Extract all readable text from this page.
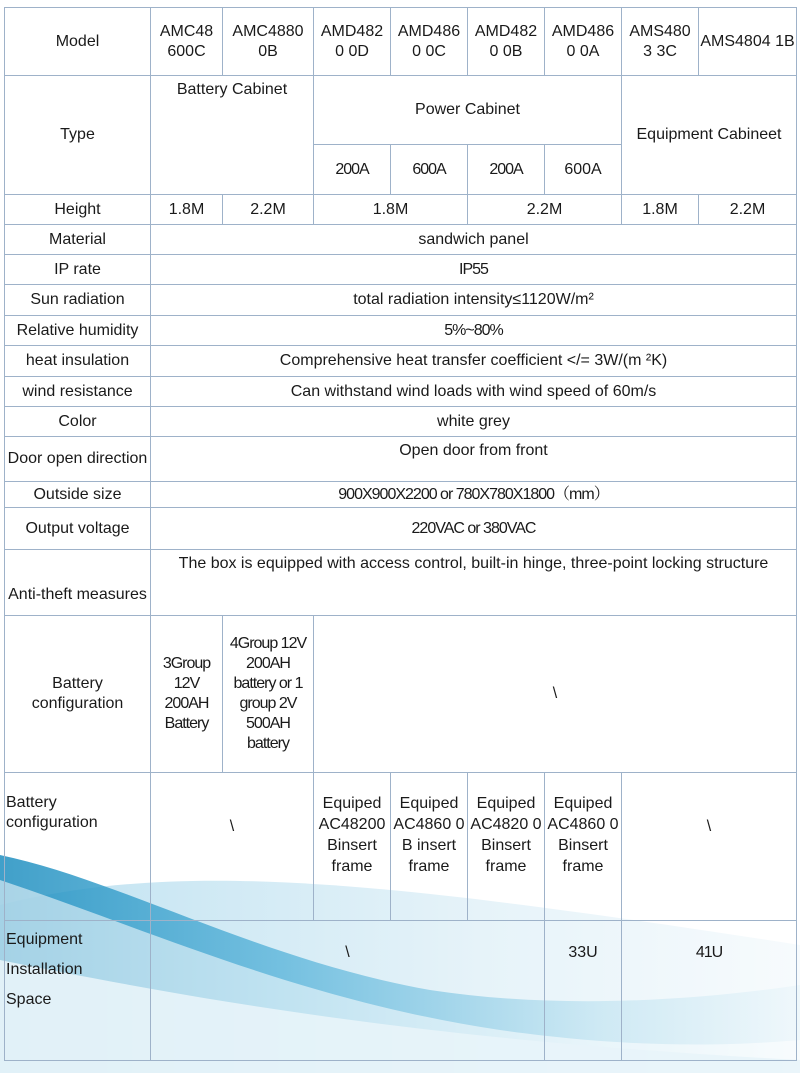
Model	AMC48 600C	AMC4880 0B	AMD482 0 0D	AMD486 0 0C	AMD482 0 0B	AMD486 0 0A	AMS480 3 3C	AMS4804 1B
Type	Battery Cabinet		Power Cabinet				Equipment Cabineet	
			200A	600A	200A	600A		
Height	1.8M	2.2M	1.8M		2.2M		1.8M	2.2M
Material	sandwich panel							
IP rate	IP55							
Sun radiation	total radiation intensity≤1120W/m²							
Relative humidity	5%~80%							
heat insulation	Comprehensive heat transfer coefficient </= 3W/(m ²K)							
wind resistance	Can withstand wind loads with wind speed of 60m/s							
Color	white grey							
Door open direction	Open door from front							
Outside size	900X900X2200 or 780X780X1800（mm）							
Output voltage	220VAC or 380VAC							
Anti-theft measures	The box is equipped with access control, built-in hinge, three-point locking structure							
Battery configuration	3Group 12V 200AH Battery	4Group 12V 200AH battery or 1 group 2V 500AH battery	\					
Battery configuration	\		Equiped AC48200 Binsert frame	Equiped AC4860 0 B insert frame	Equiped AC4820 0 Binsert frame	Equiped AC4860 0 Binsert frame	\	
Equipment Installation Space	\					33U	41U	
